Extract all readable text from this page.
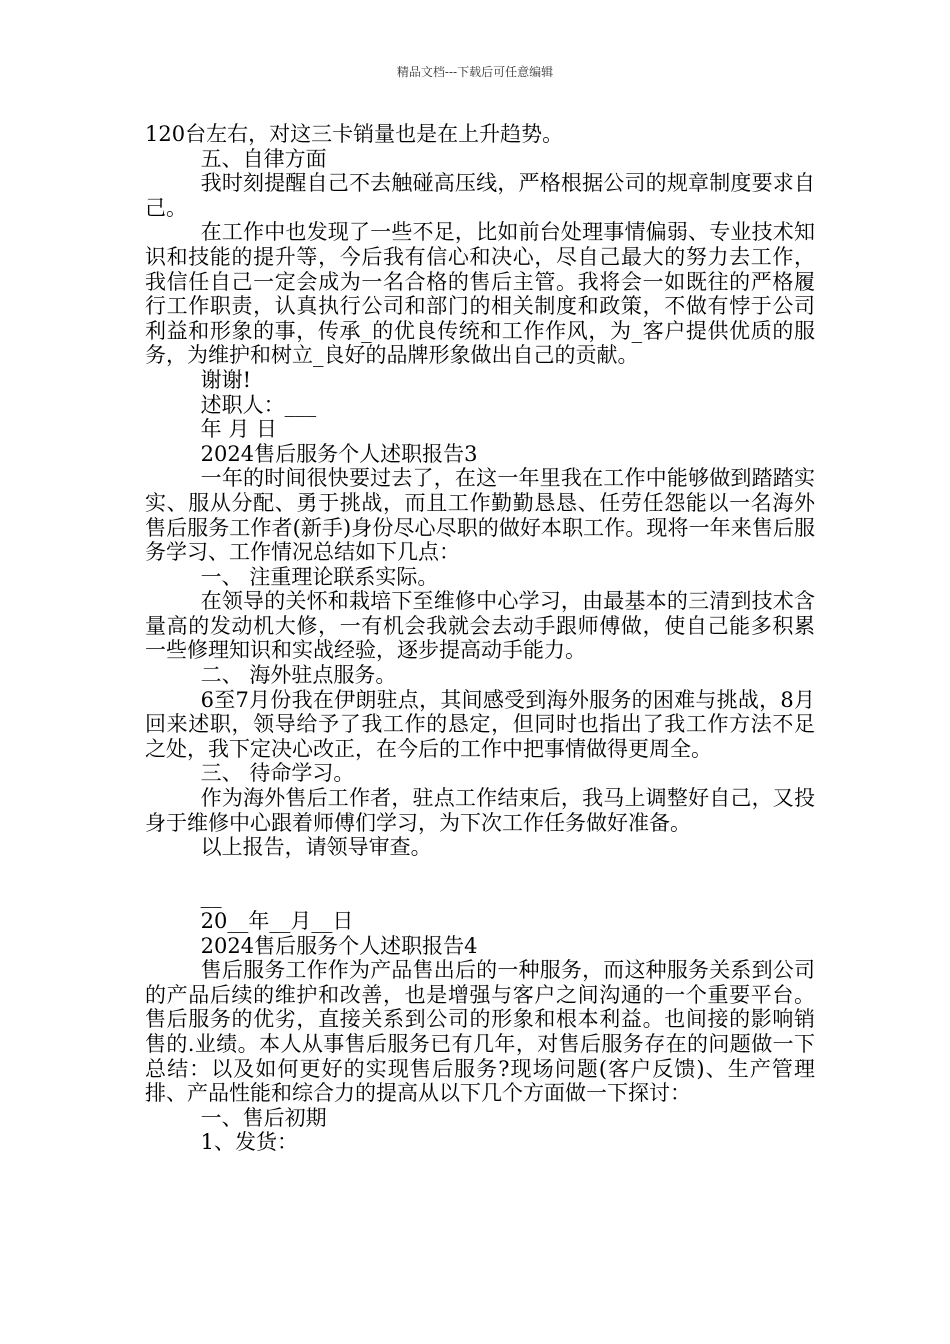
精品文档---下载后可任意编辑

120台左右，对这三卡销量也是在上升趋势。

五、自律方面

我时刻提醒自己不去触碰高压线，严格根据公司的规章制度要求自己。

在工作中也发现了一些不足，比如前台处理事情偏弱、专业技术知识和技能的提升等，今后我有信心和决心，尽自己最大的努力去工作，我信任自己一定会成为一名合格的售后主管。我将会一如既往的严格履行工作职责，认真执行公司和部门的相关制度和政策，不做有悖于公司利益和形象的事，传承_的优良传统和工作作风，为_客户提供优质的服务，为维护和树立_良好的品牌形象做出自己的贡献。

谢谢!

述职人：___

年 月 日

2024售后服务个人述职报告3

一年的时间很快要过去了，在这一年里我在工作中能够做到踏踏实实、服从分配、勇于挑战，而且工作勤勤恳恳、任劳任怨能以一名海外售后服务工作者(新手)身份尽心尽职的做好本职工作。现将一年来售后服务学习、工作情况总结如下几点：

一、 注重理论联系实际。

在领导的关怀和栽培下至维修中心学习，由最基本的三清到技术含量高的发动机大修，一有机会我就会去动手跟师傅做，使自己能多积累一些修理知识和实战经验，逐步提高动手能力。

二、 海外驻点服务。

6至7月份我在伊朗驻点，其间感受到海外服务的困难与挑战，8月回来述职，领导给予了我工作的恳定，但同时也指出了我工作方法不足之处，我下定决心改正，在今后的工作中把事情做得更周全。

三、 待命学习。

作为海外售后工作者，驻点工作结束后，我马上调整好自己，又投身于维修中心跟着师傅们学习，为下次工作任务做好准备。

以上报告，请领导审查。

__

20__年__月__日

2024售后服务个人述职报告4

售后服务工作作为产品售出后的一种服务，而这种服务关系到公司的产品后续的维护和改善，也是增强与客户之间沟通的一个重要平台。售后服务的优劣，直接关系到公司的形象和根本利益。也间接的影响销售的.业绩。本人从事售后服务已有几年，对售后服务存在的问题做一下总结：以及如何更好的实现售后服务?现场问题(客户反馈)、生产管理排、产品性能和综合力的提高从以下几个方面做一下探讨：

一、售后初期

1、发货：
